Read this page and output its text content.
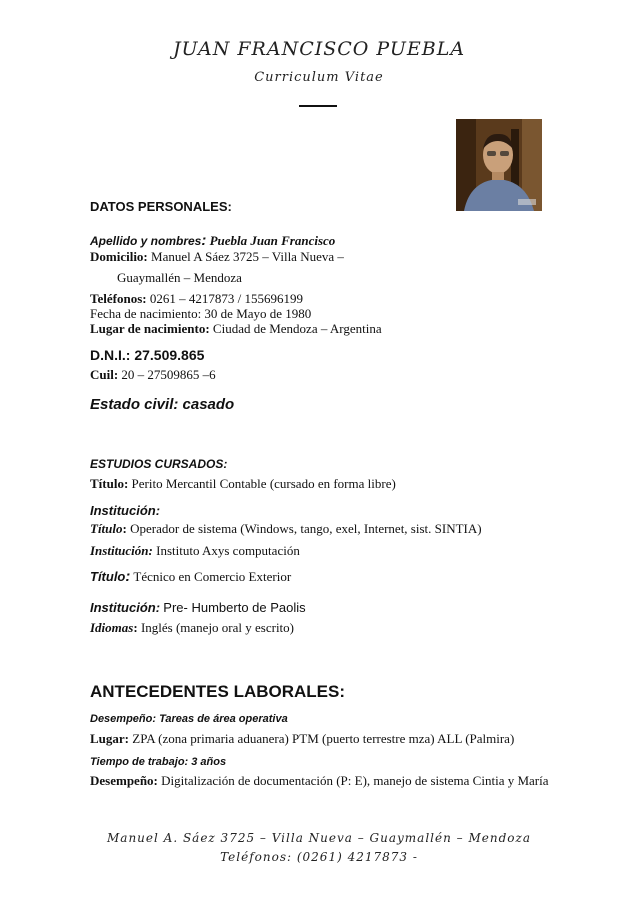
JUAN FRANCISCO PUEBLA
Curriculum Vitae
DATOS PERSONALES:
Apellido y nombres: Puebla Juan Francisco
Domicilio: Manuel A Sáez 3725 – Villa Nueva –
Guaymallén – Mendoza
Teléfonos: 0261 – 4217873 / 155696199
Fecha de nacimiento: 30 de Mayo de 1980
Lugar de nacimiento: Ciudad de Mendoza – Argentina
D.N.I.: 27.509.865
Cuil: 20 – 27509865 –6
Estado civil: casado
ESTUDIOS CURSADOS:
Título: Perito Mercantil Contable (cursado en forma libre)
Institución:
Título: Operador de sistema (Windows, tango, exel, Internet, sist. SINTIA)
Institución: Instituto Axys computación
Título: Técnico en Comercio Exterior
Institución: Pre- Humberto de Paolis
Idiomas: Inglés (manejo oral y escrito)
ANTECEDENTES LABORALES:
Desempeño: Tareas de área operativa
Lugar: ZPA (zona primaria aduanera) PTM (puerto terrestre mza) ALL (Palmira)
Tiempo de trabajo: 3 años
Desempeño: Digitalización de documentación (P: E), manejo de sistema Cintia y María
Manuel A. Sáez 3725 – Villa Nueva – Guaymallén – Mendoza
Teléfonos: (0261) 4217873 -
